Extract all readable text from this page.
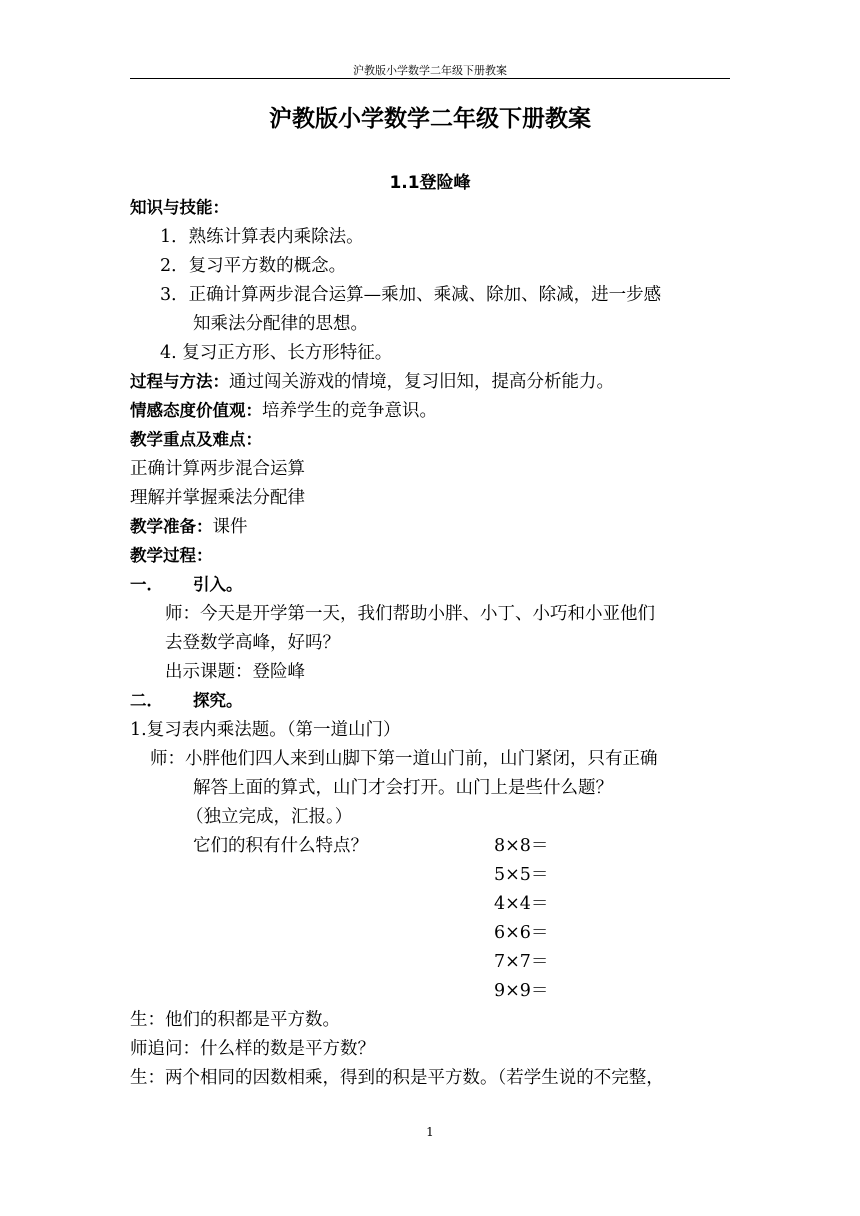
沪教版小学数学二年级下册教案
沪教版小学数学二年级下册教案
1.1登险峰
知识与技能：
1．熟练计算表内乘除法。
2．复习平方数的概念。
3．正确计算两步混合运算—乘加、乘减、除加、除减，进一步感
知乘法分配律的思想。
4. 复习正方形、长方形特征。
过程与方法：通过闯关游戏的情境，复习旧知，提高分析能力。
情感态度价值观：培养学生的竞争意识。
教学重点及难点：
正确计算两步混合运算
理解并掌握乘法分配律
教学准备：课件
教学过程：
一． 引入。
师：今天是开学第一天，我们帮助小胖、小丁、小巧和小亚他们
去登数学高峰，好吗？
出示课题：登险峰
二． 探究。
1.复习表内乘法题。（第一道山门）
师：小胖他们四人来到山脚下第一道山门前，山门紧闭，只有正确
解答上面的算式，山门才会打开。山门上是些什么题？
（独立完成，汇报。）
它们的积有什么特点？	8×8＝
5×5＝
4×4＝
6×6＝
7×7＝
9×9＝
生：他们的积都是平方数。
师追问：什么样的数是平方数？
生：两个相同的因数相乘，得到的积是平方数。（若学生说的不完整，
1
